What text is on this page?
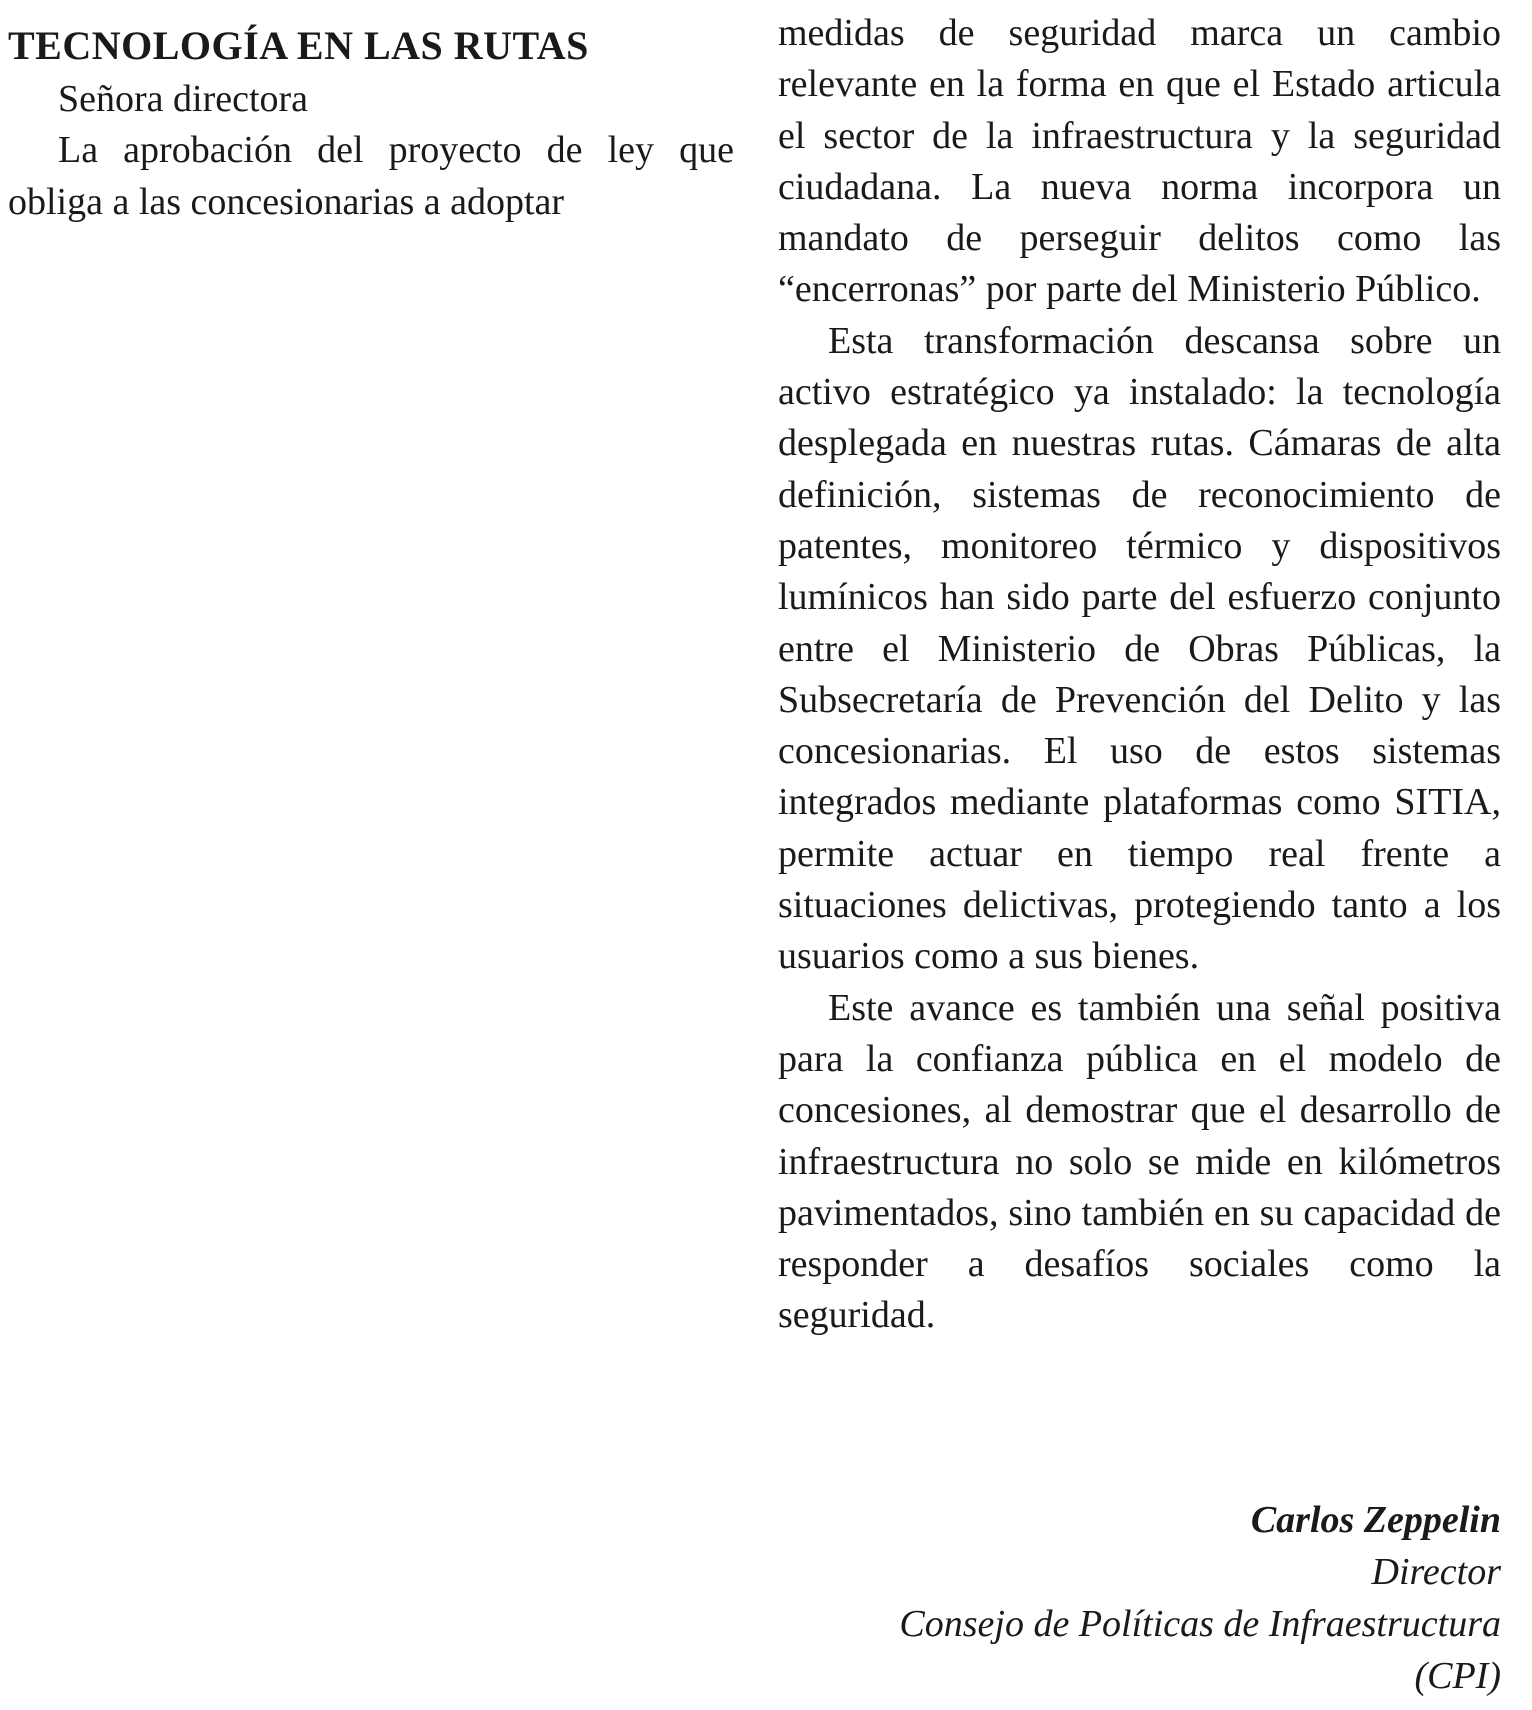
TECNOLOGÍA EN LAS RUTAS

Señora directora

La aprobación del proyecto de ley que obliga a las concesionarias a adoptar

medidas de seguridad marca un cambio relevante en la forma en que el Estado articula el sector de la infraestructura y la seguridad ciudadana. La nueva norma incorpora un mandato de perseguir delitos como las “encerronas” por parte del Ministerio Público.

Esta transformación descansa sobre un activo estratégico ya instalado: la tecnología desplegada en nuestras rutas. Cámaras de alta definición, sistemas de reconocimiento de patentes, monitoreo térmico y dispositivos lumínicos han sido parte del esfuerzo conjunto entre el Ministerio de Obras Públicas, la Subsecretaría de Prevención del Delito y las concesionarias. El uso de estos sistemas integrados mediante plataformas como SITIA, permite actuar en tiempo real frente a situaciones delictivas, protegiendo tanto a los usuarios como a sus bienes.

Este avance es también una señal positiva para la confianza pública en el modelo de concesiones, al demostrar que el desarrollo de infraestructura no solo se mide en kilómetros pavimentados, sino también en su capacidad de responder a desafíos sociales como la seguridad.

Carlos Zeppelin
Director
Consejo de Políticas de Infraestructura
(CPI)
